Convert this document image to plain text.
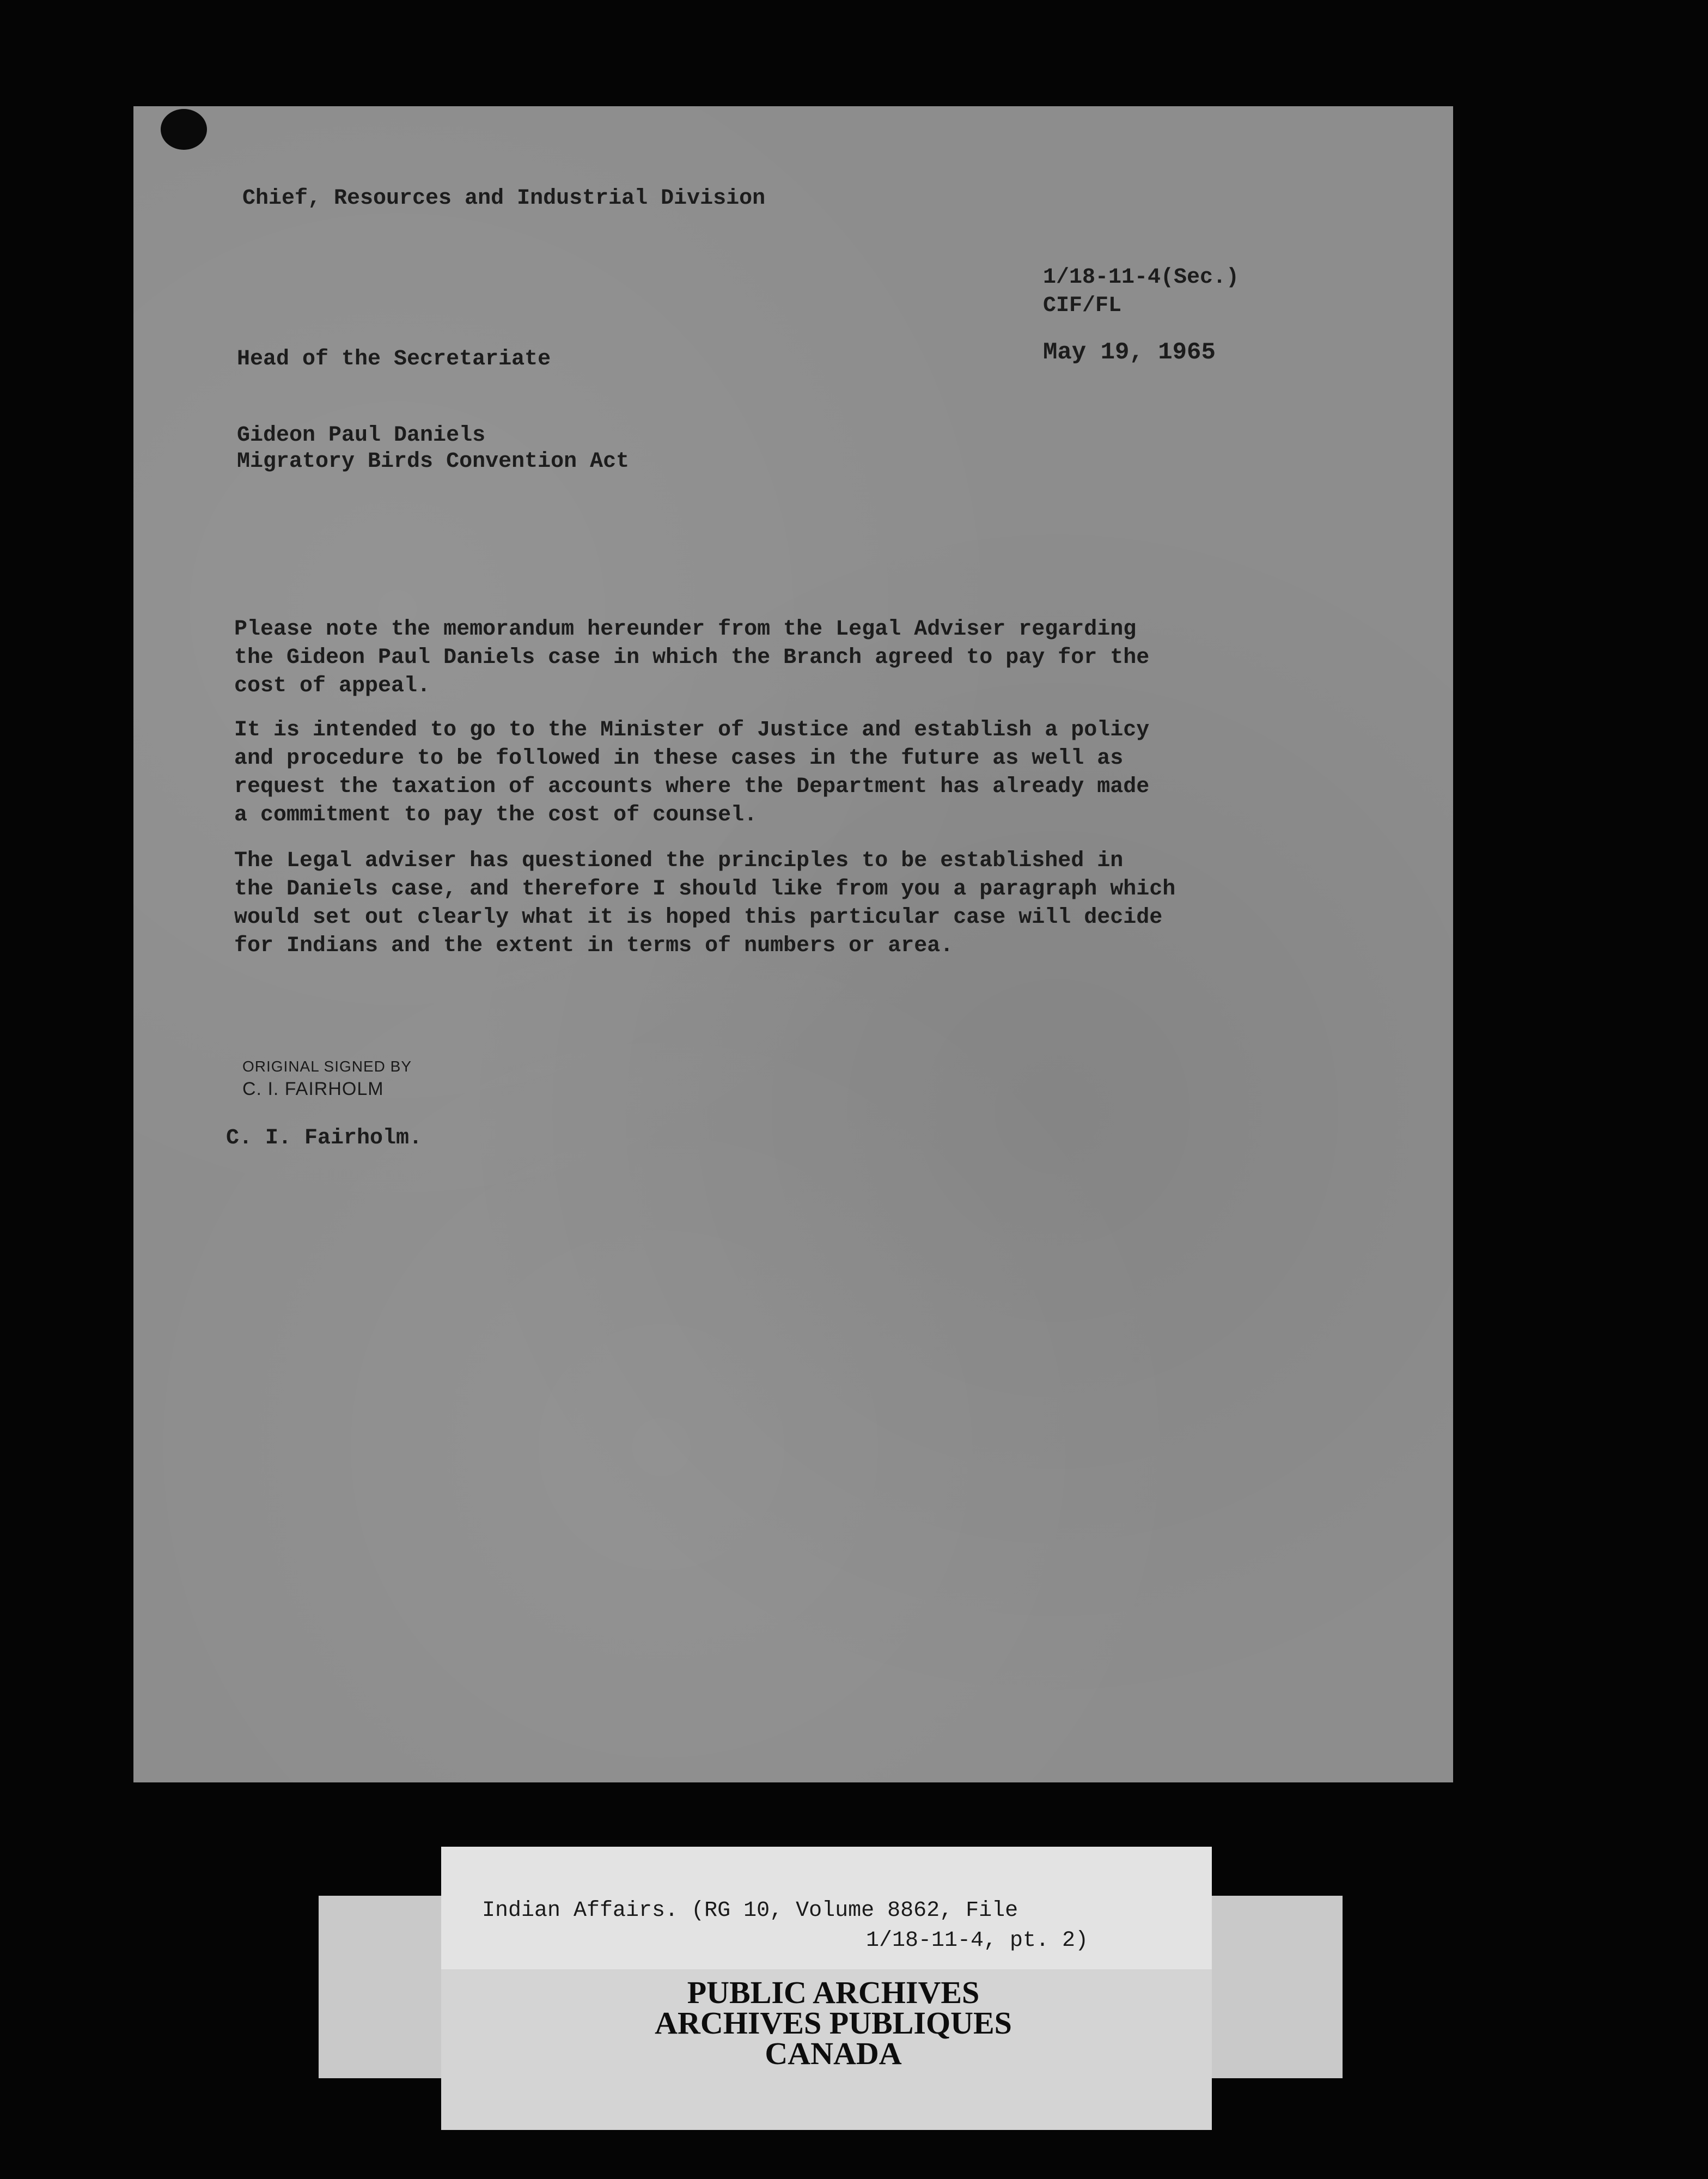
Chief, Resources and Industrial Division
1/18-11-4(Sec.)
CIF/FL
Head of the Secretariate	May 19, 1965
Gideon Paul Daniels
Migratory Birds Convention Act
Please note the memorandum hereunder from the Legal Adviser regarding
the Gideon Paul Daniels case in which the Branch agreed to pay for the
cost of appeal.
It is intended to go to the Minister of Justice and establish a policy
and procedure to be followed in these cases in the future as well as
request the taxation of accounts where the Department has already made
a commitment to pay the cost of counsel.
The Legal adviser has questioned the principles to be established in
the Daniels case, and therefore I should like from you a paragraph which
would set out clearly what it is hoped this particular case will decide
for Indians and the extent in terms of numbers or area.
ORIGINAL SIGNED BY
C. I. FAIRHOLM
C. I. Fairholm.
Indian Affairs. (RG 10, Volume 8862, File
1/18-11-4, pt. 2)
PUBLIC ARCHIVES
ARCHIVES PUBLIQUES
CANADA
